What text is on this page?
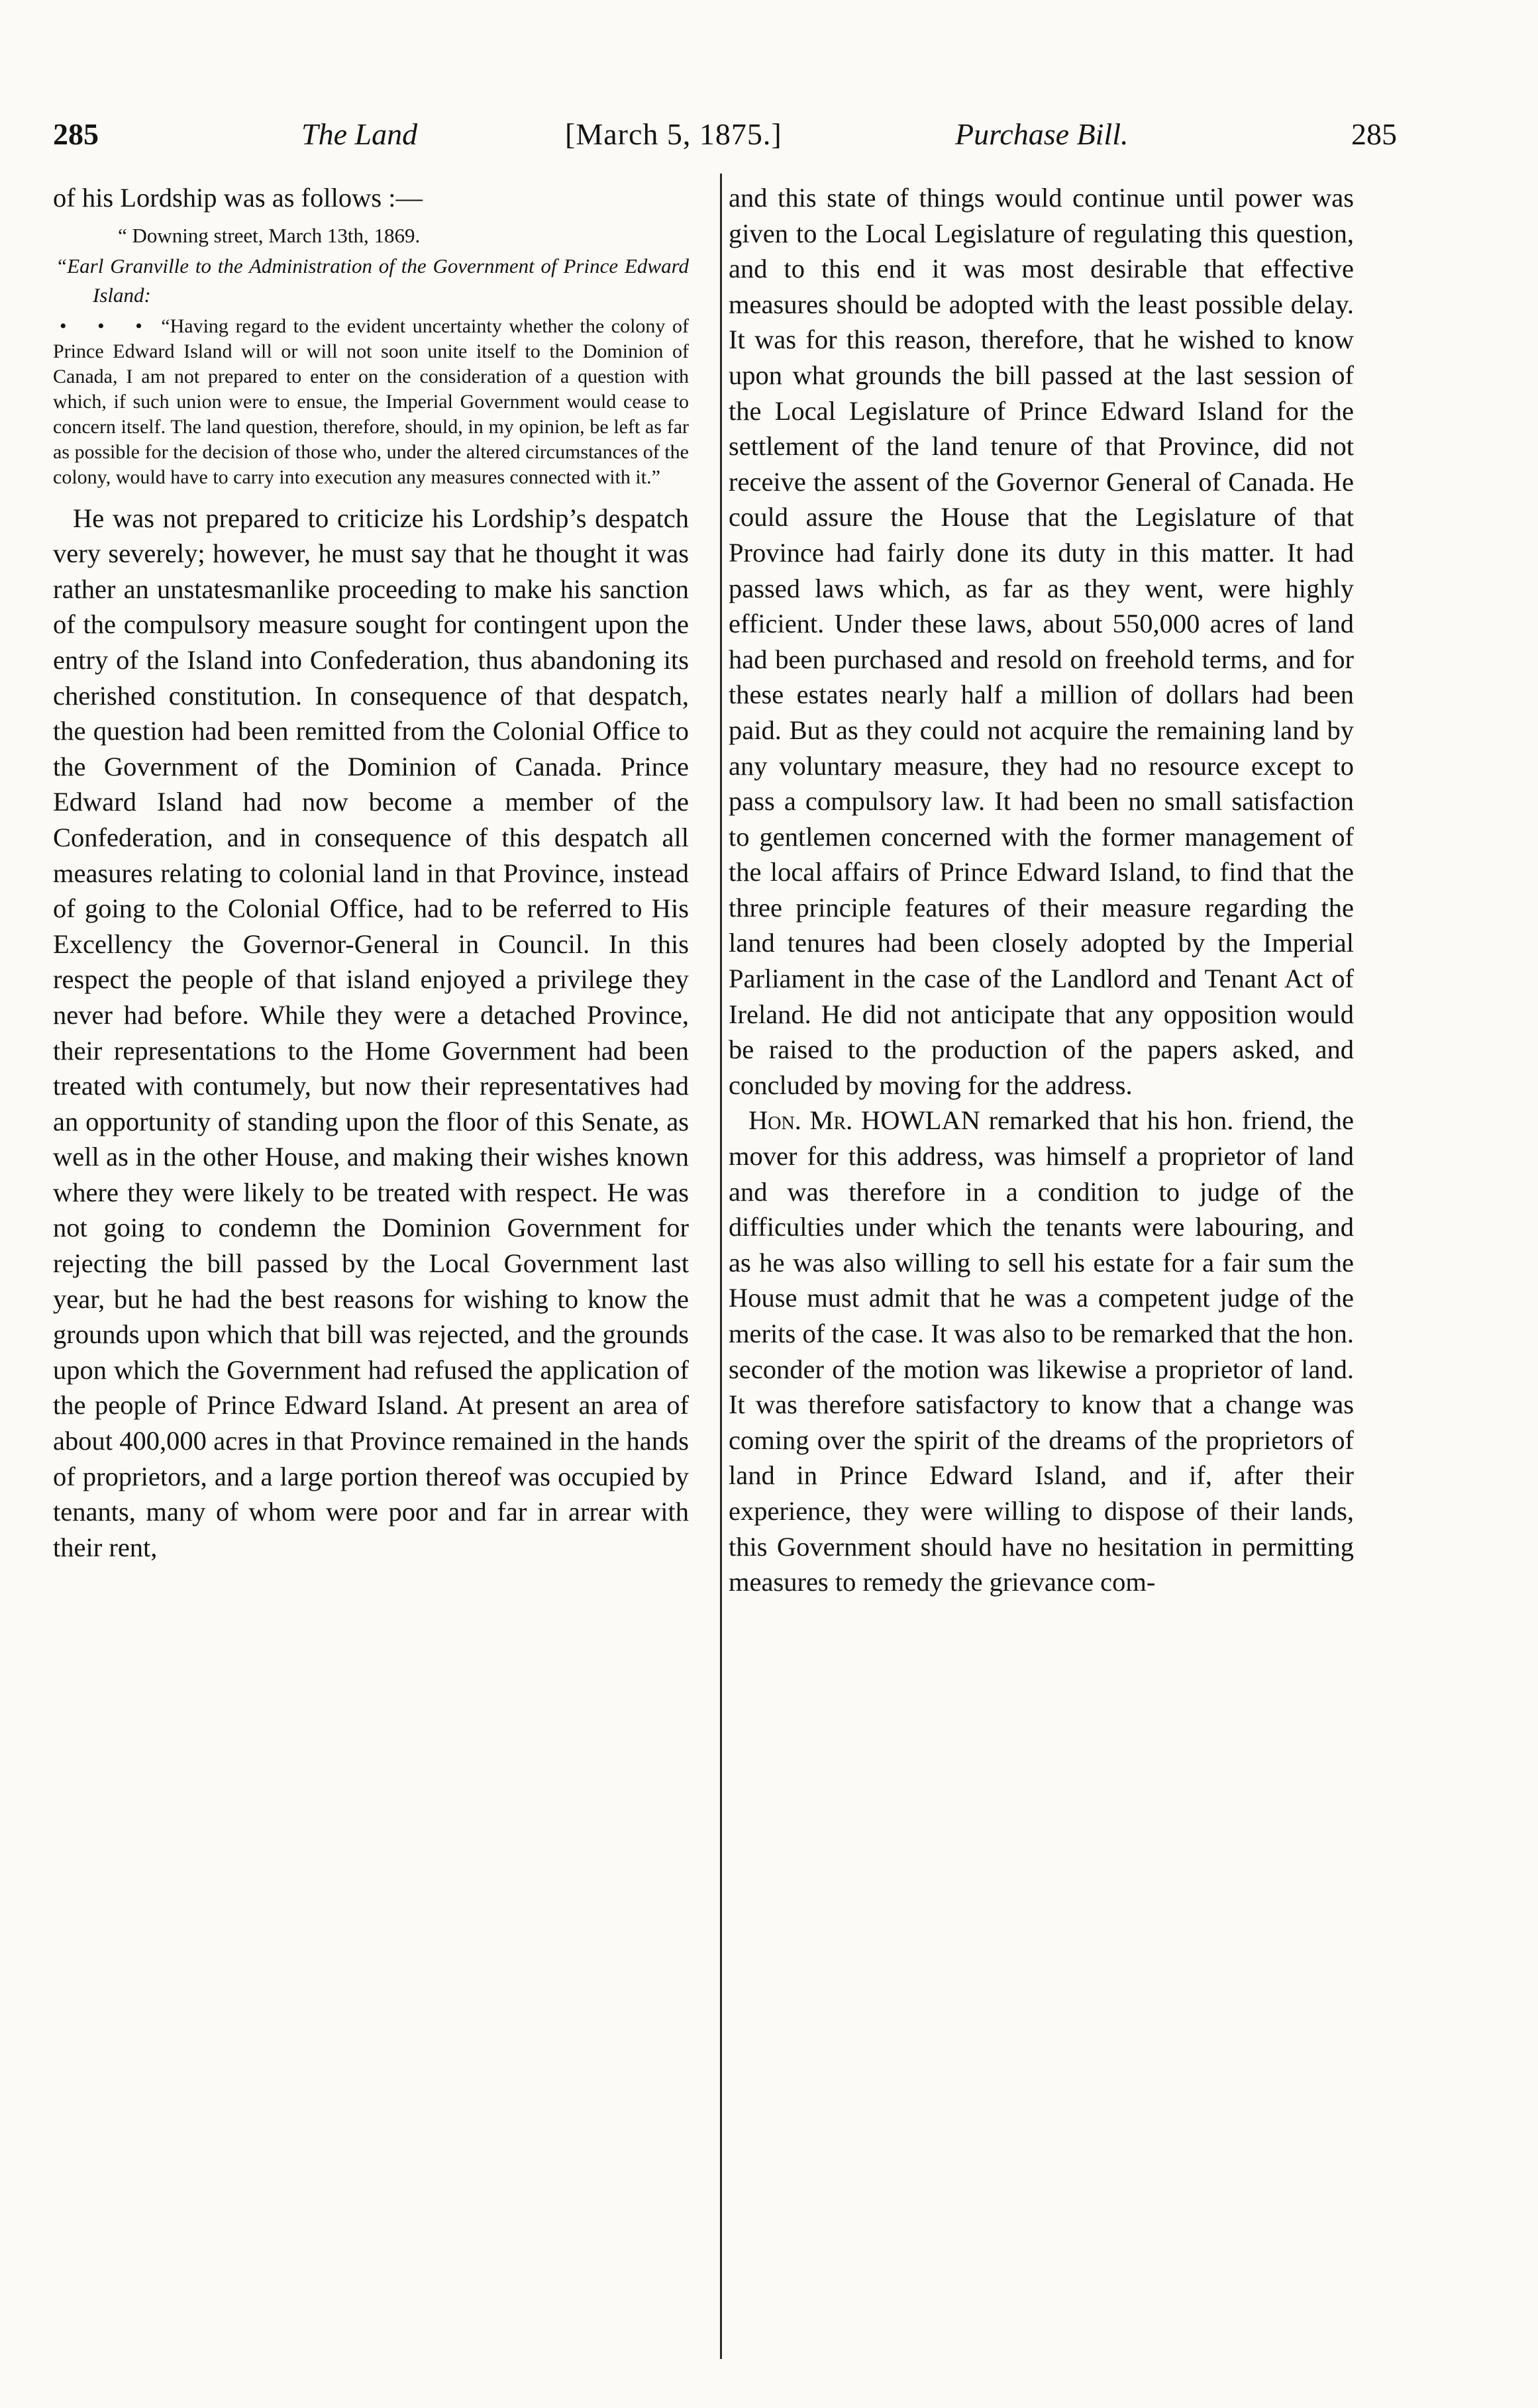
285	The Land	[March 5, 1875.]	Purchase Bill.	285

of his Lordship was as follows :—

“ Downing street, March 13th, 1869.

“Earl Granville to the Administration of the Government of Prince Edward Island:

• • • “Having regard to the evident uncertainty whether the colony of Prince Edward Island will or will not soon unite itself to the Dominion of Canada, I am not prepared to enter on the consideration of a question with which, if such union were to ensue, the Imperial Government would cease to concern itself. The land question, therefore, should, in my opinion, be left as far as possible for the decision of those who, under the altered circumstances of the colony, would have to carry into execution any measures connected with it.”

He was not prepared to criticize his Lordship’s despatch very severely; however, he must say that he thought it was rather an unstatesmanlike proceeding to make his sanction of the compulsory measure sought for contingent upon the entry of the Island into Confederation, thus abandoning its cherished constitution. In consequence of that despatch, the question had been remitted from the Colonial Office to the Government of the Dominion of Canada. Prince Edward Island had now become a member of the Confederation, and in consequence of this despatch all measures relating to colonial land in that Province, instead of going to the Colonial Office, had to be referred to His Excellency the Governor-General in Council. In this respect the people of that island enjoyed a privilege they never had before. While they were a detached Province, their representations to the Home Government had been treated with contumely, but now their representatives had an opportunity of standing upon the floor of this Senate, as well as in the other House, and making their wishes known where they were likely to be treated with respect. He was not going to condemn the Dominion Government for rejecting the bill passed by the Local Government last year, but he had the best reasons for wishing to know the grounds upon which that bill was rejected, and the grounds upon which the Government had refused the application of the people of Prince Edward Island. At present an area of about 400,000 acres in that Province remained in the hands of proprietors, and a large portion thereof was occupied by tenants, many of whom were poor and far in arrear with their rent,

and this state of things would continue until power was given to the Local Legislature of regulating this question, and to this end it was most desirable that effective measures should be adopted with the least possible delay. It was for this reason, therefore, that he wished to know upon what grounds the bill passed at the last session of the Local Legislature of Prince Edward Island for the settlement of the land tenure of that Province, did not receive the assent of the Governor General of Canada. He could assure the House that the Legislature of that Province had fairly done its duty in this matter. It had passed laws which, as far as they went, were highly efficient. Under these laws, about 550,000 acres of land had been purchased and resold on freehold terms, and for these estates nearly half a million of dollars had been paid. But as they could not acquire the remaining land by any voluntary measure, they had no resource except to pass a compulsory law. It had been no small satisfaction to gentlemen concerned with the former management of the local affairs of Prince Edward Island, to find that the three principle features of their measure regarding the land tenures had been closely adopted by the Imperial Parliament in the case of the Landlord and Tenant Act of Ireland. He did not anticipate that any opposition would be raised to the production of the papers asked, and concluded by moving for the address.

Hon. Mr. HOWLAN remarked that his hon. friend, the mover for this address, was himself a proprietor of land and was therefore in a condition to judge of the difficulties under which the tenants were labouring, and as he was also willing to sell his estate for a fair sum the House must admit that he was a competent judge of the merits of the case. It was also to be remarked that the hon. seconder of the motion was likewise a proprietor of land. It was therefore satisfactory to know that a change was coming over the spirit of the dreams of the proprietors of land in Prince Edward Island, and if, after their experience, they were willing to dispose of their lands, this Government should have no hesitation in permitting measures to remedy the grievance com-
